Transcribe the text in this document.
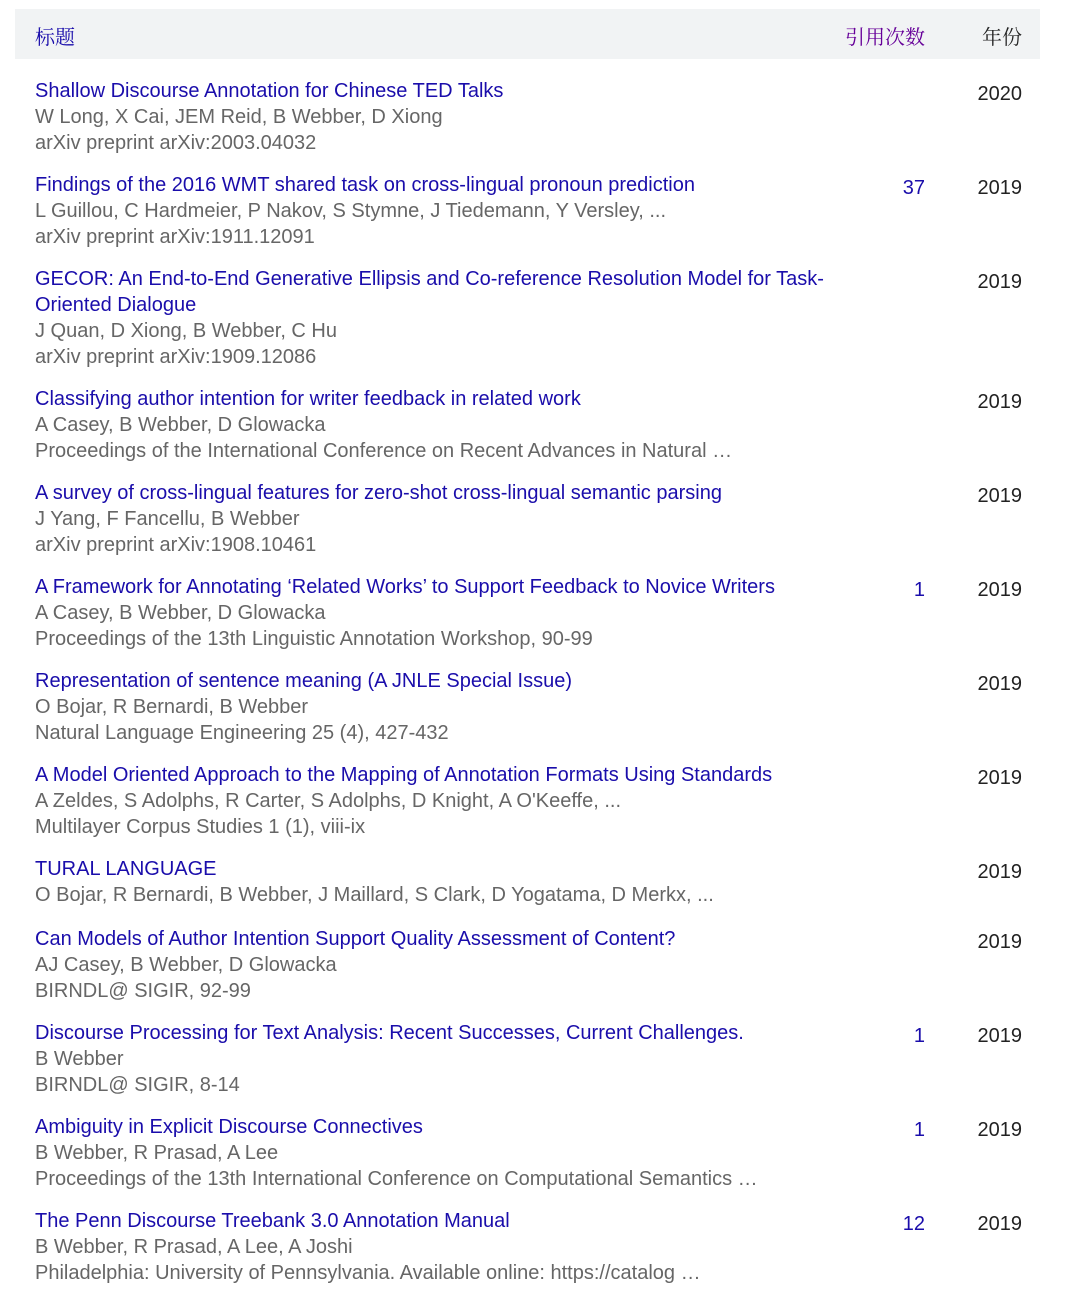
标题	引用次数	年份
Shallow Discourse Annotation for Chinese TED Talks
W Long, X Cai, JEM Reid, B Webber, D Xiong
arXiv preprint arXiv:2003.04032
2020
Findings of the 2016 WMT shared task on cross-lingual pronoun prediction
L Guillou, C Hardmeier, P Nakov, S Stymne, J Tiedemann, Y Versley, ...
arXiv preprint arXiv:1911.12091
37	2019
GECOR: An End-to-End Generative Ellipsis and Co-reference Resolution Model for Task-Oriented Dialogue
J Quan, D Xiong, B Webber, C Hu
arXiv preprint arXiv:1909.12086
2019
Classifying author intention for writer feedback in related work
A Casey, B Webber, D Glowacka
Proceedings of the International Conference on Recent Advances in Natural …
2019
A survey of cross-lingual features for zero-shot cross-lingual semantic parsing
J Yang, F Fancellu, B Webber
arXiv preprint arXiv:1908.10461
2019
A Framework for Annotating ‘Related Works’ to Support Feedback to Novice Writers
A Casey, B Webber, D Glowacka
Proceedings of the 13th Linguistic Annotation Workshop, 90-99
1	2019
Representation of sentence meaning (A JNLE Special Issue)
O Bojar, R Bernardi, B Webber
Natural Language Engineering 25 (4), 427-432
2019
A Model Oriented Approach to the Mapping of Annotation Formats Using Standards
A Zeldes, S Adolphs, R Carter, S Adolphs, D Knight, A O'Keeffe, ...
Multilayer Corpus Studies 1 (1), viii-ix
2019
TURAL LANGUAGE
O Bojar, R Bernardi, B Webber, J Maillard, S Clark, D Yogatama, D Merkx, ...
2019
Can Models of Author Intention Support Quality Assessment of Content?
AJ Casey, B Webber, D Glowacka
BIRNDL@ SIGIR, 92-99
2019
Discourse Processing for Text Analysis: Recent Successes, Current Challenges.
B Webber
BIRNDL@ SIGIR, 8-14
1	2019
Ambiguity in Explicit Discourse Connectives
B Webber, R Prasad, A Lee
Proceedings of the 13th International Conference on Computational Semantics …
1	2019
The Penn Discourse Treebank 3.0 Annotation Manual
B Webber, R Prasad, A Lee, A Joshi
Philadelphia: University of Pennsylvania. Available online: https://catalog …
12	2019
